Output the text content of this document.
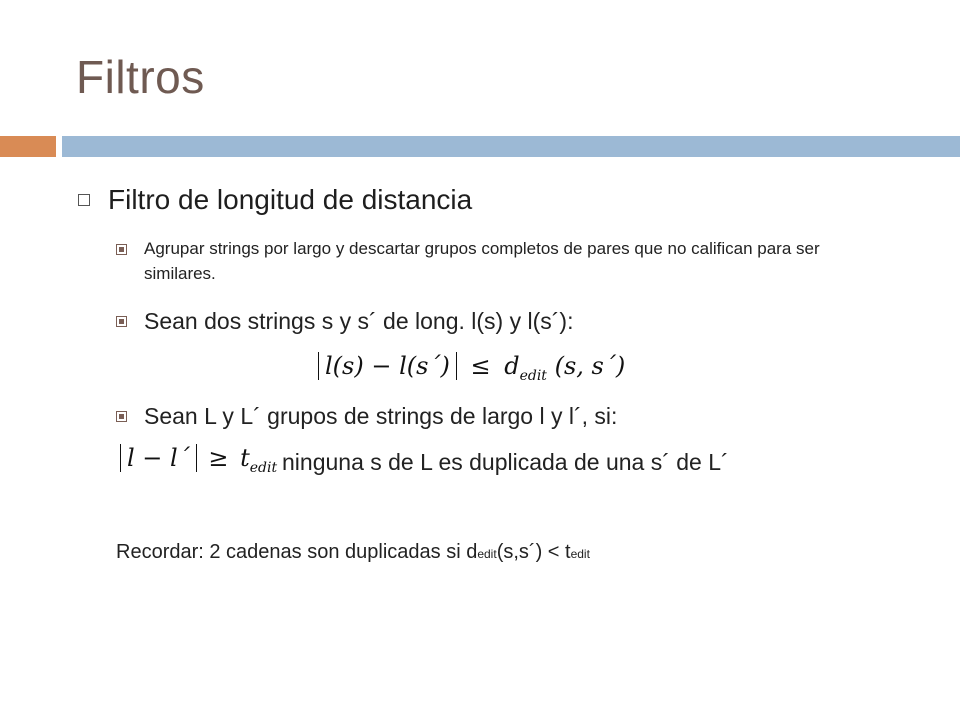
Filtros
Filtro de longitud de distancia
Agrupar strings por largo y descartar grupos completos de pares que no califican para ser similares.
Sean dos strings s y s´ de long. l(s) y l(s´):
l(s) − l(s´) ≤ $d_{edit}$ (s, s´)
Sean L y L´ grupos de strings de largo l y l´, si:
l − l´ ≥ $t_{edit}$ ninguna s de L es duplicada de una s´ de L´
Recordar: 2 cadenas son duplicadas si dedit(s,s´) < tedit
